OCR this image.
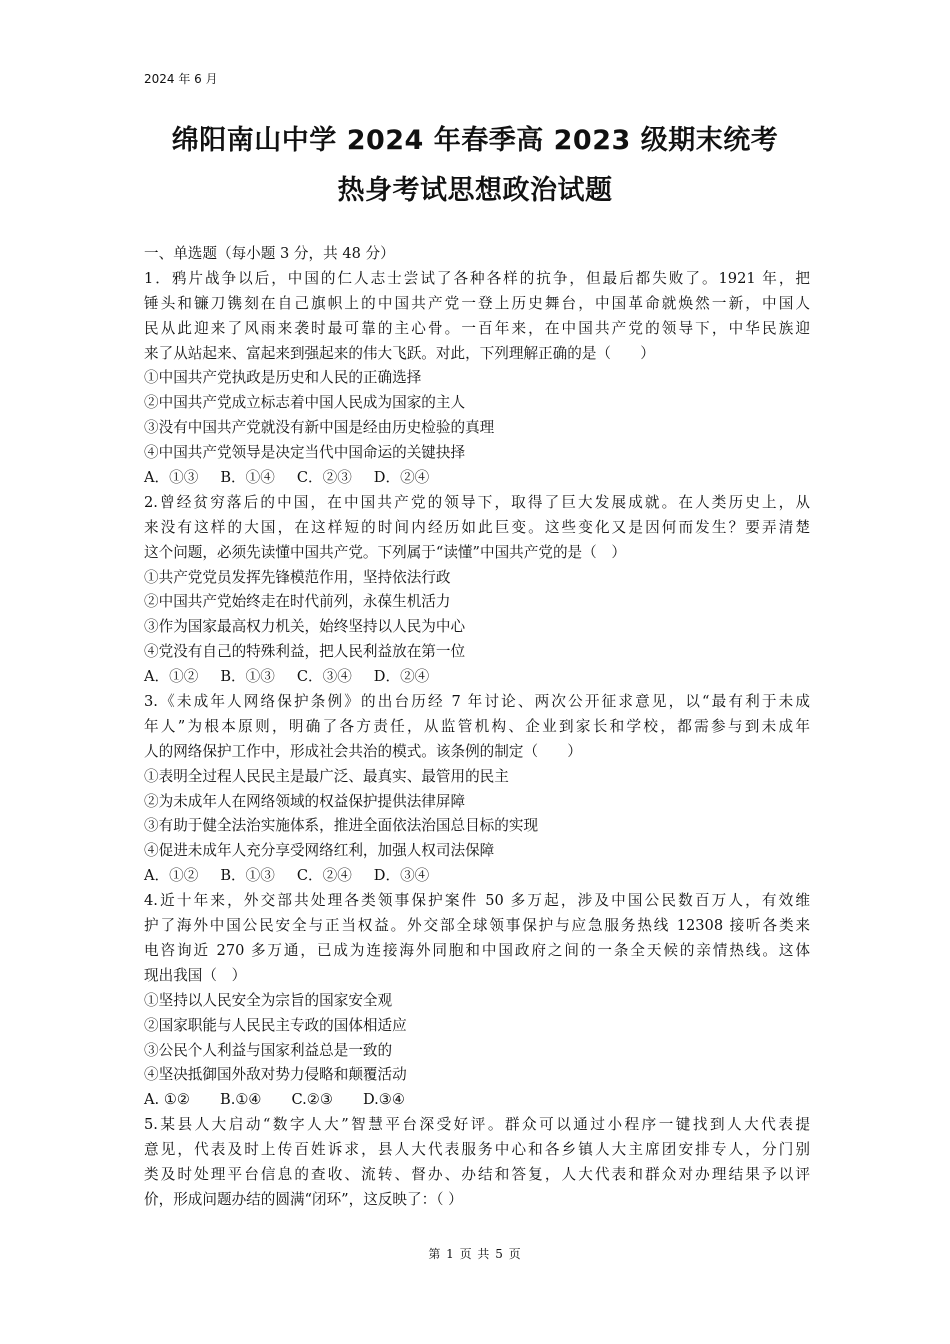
2024 年 6 月
绵阳南山中学 2024 年春季高 2023 级期末统考
热身考试思想政治试题
一、单选题（每小题 3 分，共 48 分）
1．鸦片战争以后，中国的仁人志士尝试了各种各样的抗争，但最后都失败了。1921 年，把
锤头和镰刀镌刻在自己旗帜上的中国共产党一登上历史舞台，中国革命就焕然一新，中国人
民从此迎来了风雨来袭时最可靠的主心骨。一百年来，在中国共产党的领导下，中华民族迎
来了从站起来、富起来到强起来的伟大飞跃。对此，下列理解正确的是（　　）
①中国共产党执政是历史和人民的正确选择
②中国共产党成立标志着中国人民成为国家的主人
③没有中国共产党就没有新中国是经由历史检验的真理
④中国共产党领导是决定当代中国命运的关键抉择
A．①③ B．①④ C．②③ D．②④
2.曾经贫穷落后的中国，在中国共产党的领导下，取得了巨大发展成就。在人类历史上，从
来没有这样的大国，在这样短的时间内经历如此巨变。这些变化又是因何而发生？要弄清楚
这个问题，必须先读懂中国共产党。下列属于“读懂”中国共产党的是（　）
①共产党党员发挥先锋模范作用，坚持依法行政
②中国共产党始终走在时代前列，永葆生机活力
③作为国家最高权力机关，始终坚持以人民为中心
④党没有自己的特殊利益，把人民利益放在第一位
A．①② B．①③ C．③④ D．②④
3.《未成年人网络保护条例》的出台历经 7 年讨论、两次公开征求意见，以“最有利于未成
年人”为根本原则，明确了各方责任，从监管机构、企业到家长和学校，都需参与到未成年
人的网络保护工作中，形成社会共治的模式。该条例的制定（　　）
①表明全过程人民民主是最广泛、最真实、最管用的民主
②为未成年人在网络领域的权益保护提供法律屏障
③有助于健全法治实施体系，推进全面依法治国总目标的实现
④促进未成年人充分享受网络红利，加强人权司法保障
A．①② B．①③ C．②④ D．③④
4.近十年来，外交部共处理各类领事保护案件 50 多万起，涉及中国公民数百万人，有效维
护了海外中国公民安全与正当权益。外交部全球领事保护与应急服务热线 12308 接听各类来
电咨询近 270 多万通，已成为连接海外同胞和中国政府之间的一条全天候的亲情热线。这体
现出我国（　）
①坚持以人民安全为宗旨的国家安全观
②国家职能与人民民主专政的国体相适应
③公民个人利益与国家利益总是一致的
④坚决抵御国外敌对势力侵略和颠覆活动
A. ①② B.①④ C.②③ D.③④
5.某县人大启动“数字人大”智慧平台深受好评。群众可以通过小程序一键找到人大代表提
意见，代表及时上传百姓诉求，县人大代表服务中心和各乡镇人大主席团安排专人，分门别
类及时处理平台信息的查收、流转、督办、办结和答复，人大代表和群众对办理结果予以评
价，形成问题办结的圆满“闭环”，这反映了：（ ）
第 1 页 共 5 页
